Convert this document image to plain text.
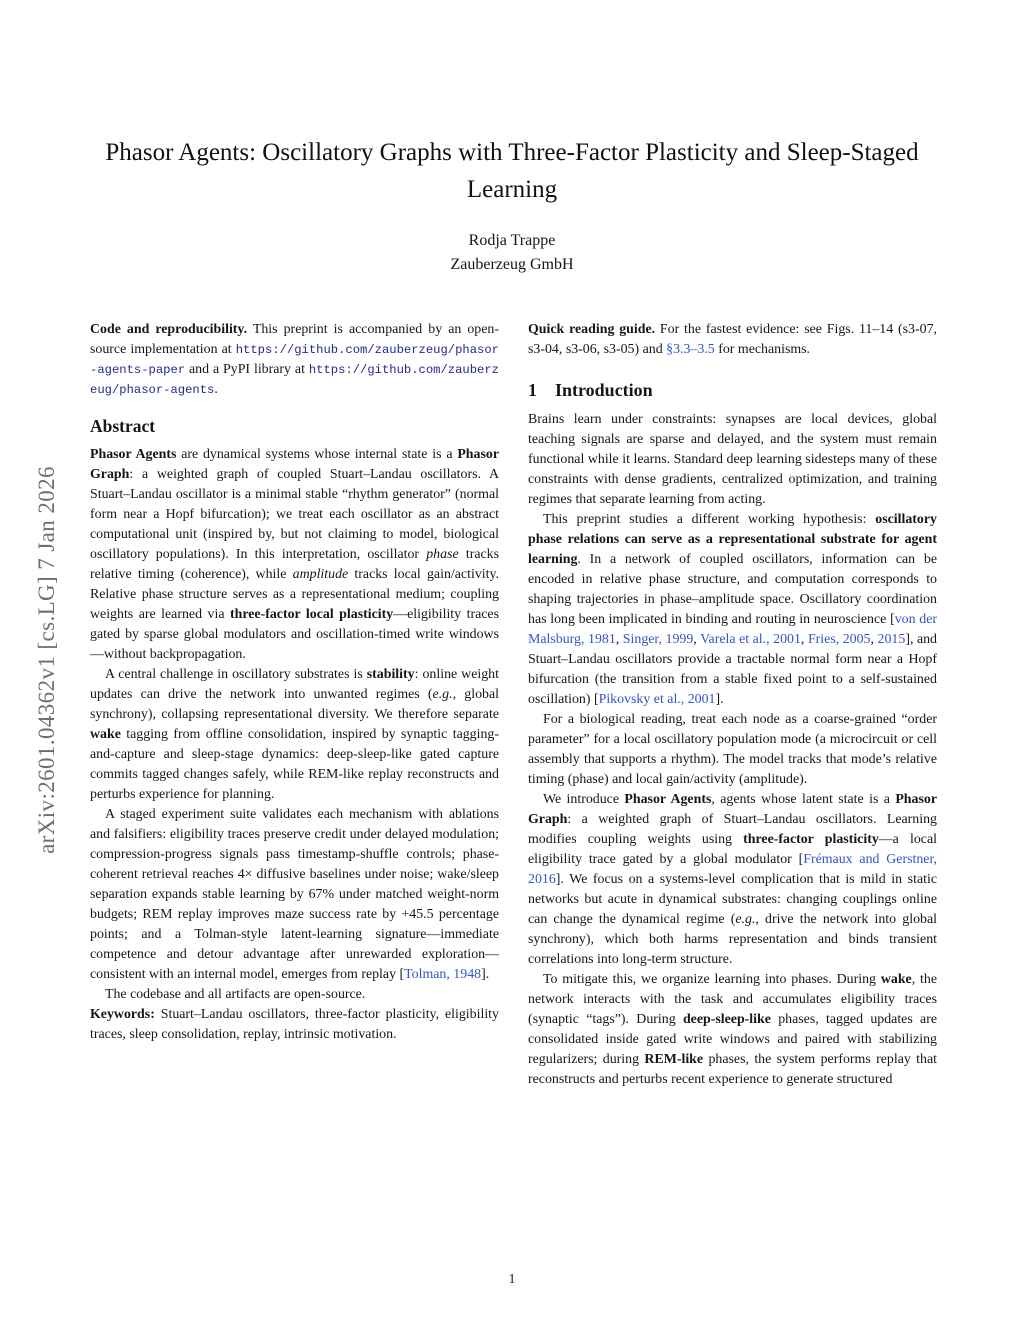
arXiv:2601.04362v1 [cs.LG] 7 Jan 2026
Phasor Agents: Oscillatory Graphs with Three-Factor Plasticity and Sleep-Staged Learning
Rodja Trappe
Zauberzeug GmbH

Code and reproducibility. This preprint is accompanied by an open-source implementation at https://github.com/zauberzeug/phasor-agents-paper and a PyPI library at https://github.com/zauberzeug/phasor-agents.

Abstract

Phasor Agents are dynamical systems whose internal state is a Phasor Graph: a weighted graph of coupled Stuart–Landau oscillators. A Stuart–Landau oscillator is a minimal stable “rhythm generator” (normal form near a Hopf bifurcation); we treat each oscillator as an abstract computational unit (inspired by, but not claiming to model, biological oscillatory populations). In this interpretation, oscillator phase tracks relative timing (coherence), while amplitude tracks local gain/activity. Relative phase structure serves as a representational medium; coupling weights are learned via three-factor local plasticity—eligibility traces gated by sparse global modulators and oscillation-timed write windows—without backpropagation.

A central challenge in oscillatory substrates is stability: online weight updates can drive the network into unwanted regimes (e.g., global synchrony), collapsing representational diversity. We therefore separate wake tagging from offline consolidation, inspired by synaptic tagging-and-capture and sleep-stage dynamics: deep-sleep-like gated capture commits tagged changes safely, while REM-like replay reconstructs and perturbs experience for planning.

A staged experiment suite validates each mechanism with ablations and falsifiers: eligibility traces preserve credit under delayed modulation; compression-progress signals pass timestamp-shuffle controls; phase-coherent retrieval reaches 4× diffusive baselines under noise; wake/sleep separation expands stable learning by 67% under matched weight-norm budgets; REM replay improves maze success rate by +45.5 percentage points; and a Tolman-style latent-learning signature—immediate competence and detour advantage after unrewarded exploration—consistent with an internal model, emerges from replay [Tolman, 1948].

The codebase and all artifacts are open-source.

Keywords: Stuart–Landau oscillators, three-factor plasticity, eligibility traces, sleep consolidation, replay, intrinsic motivation.

Quick reading guide. For the fastest evidence: see Figs. 11–14 (s3-07, s3-04, s3-06, s3-05) and §3.3–3.5 for mechanisms.

1 Introduction

Brains learn under constraints: synapses are local devices, global teaching signals are sparse and delayed, and the system must remain functional while it learns. Standard deep learning sidesteps many of these constraints with dense gradients, centralized optimization, and training regimes that separate learning from acting.

This preprint studies a different working hypothesis: oscillatory phase relations can serve as a representational substrate for agent learning. In a network of coupled oscillators, information can be encoded in relative phase structure, and computation corresponds to shaping trajectories in phase–amplitude space. Oscillatory coordination has long been implicated in binding and routing in neuroscience [von der Malsburg, 1981, Singer, 1999, Varela et al., 2001, Fries, 2005, 2015], and Stuart–Landau oscillators provide a tractable normal form near a Hopf bifurcation (the transition from a stable fixed point to a self-sustained oscillation) [Pikovsky et al., 2001].

For a biological reading, treat each node as a coarse-grained “order parameter” for a local oscillatory population mode (a microcircuit or cell assembly that supports a rhythm). The model tracks that mode’s relative timing (phase) and local gain/activity (amplitude).

We introduce Phasor Agents, agents whose latent state is a Phasor Graph: a weighted graph of Stuart–Landau oscillators. Learning modifies coupling weights using three-factor plasticity—a local eligibility trace gated by a global modulator [Frémaux and Gerstner, 2016]. We focus on a systems-level complication that is mild in static networks but acute in dynamical substrates: changing couplings online can change the dynamical regime (e.g., drive the network into global synchrony), which both harms representation and binds transient correlations into long-term structure.

To mitigate this, we organize learning into phases. During wake, the network interacts with the task and accumulates eligibility traces (synaptic “tags”). During deep-sleep-like phases, tagged updates are consolidated inside gated write windows and paired with stabilizing regularizers; during REM-like phases, the system performs replay that reconstructs and perturbs recent experience to generate structured

1
